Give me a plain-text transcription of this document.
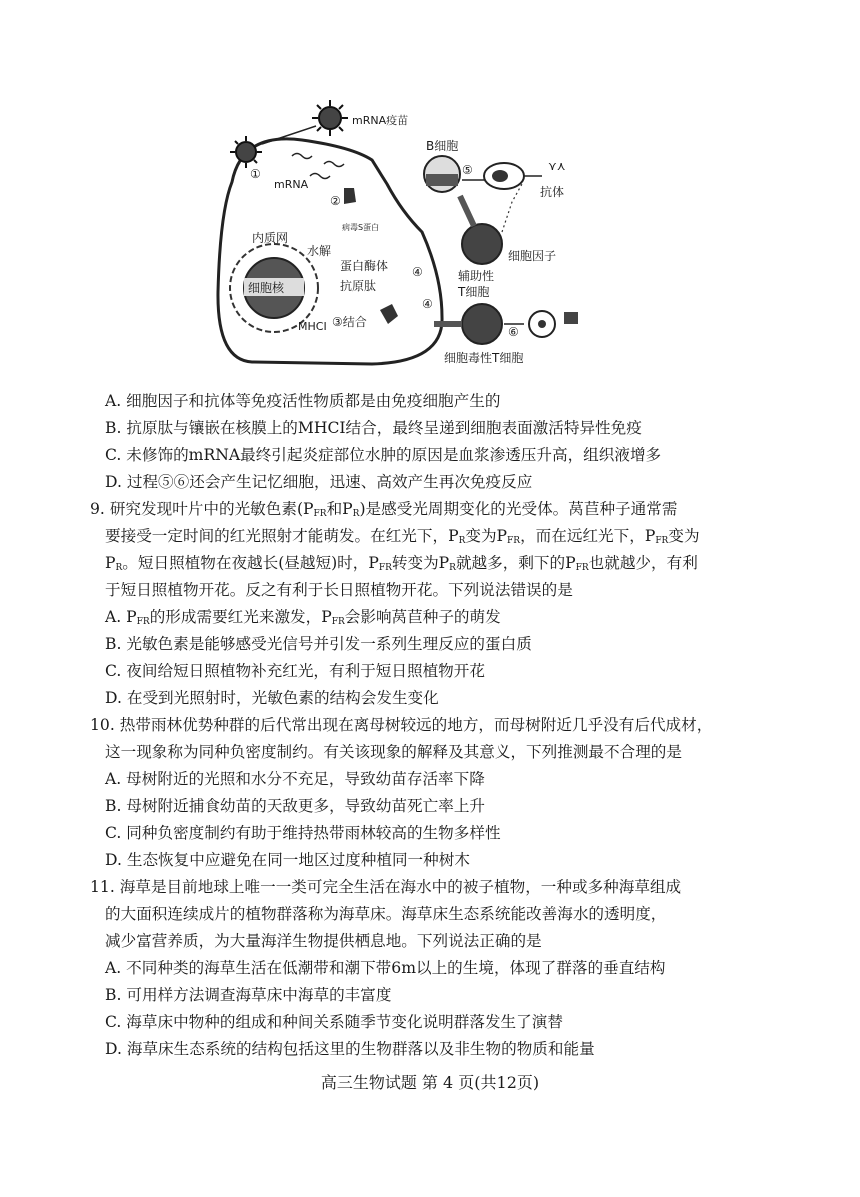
mRNA疫苗
①
mRNA
②
病毒S蛋白
细胞核
内质网
水解
蛋白酶体
抗原肽
MHCI ③结合
④
④
B细胞
⑤
抗体
⋎⋏
细胞因子
辅助性
T细胞
⑥
细胞毒性T细胞
A. 细胞因子和抗体等免疫活性物质都是由免疫细胞产生的
B. 抗原肽与镶嵌在核膜上的MHCI结合，最终呈递到细胞表面激活特异性免疫
C. 未修饰的mRNA最终引起炎症部位水肿的原因是血浆渗透压升高，组织液增多
D. 过程⑤⑥还会产生记忆细胞，迅速、高效产生再次免疫反应
9. 研究发现叶片中的光敏色素($P_{FR}$和$P_R$)是感受光周期变化的光受体。莴苣种子通常需
要接受一定时间的红光照射才能萌发。在红光下，$P_R$变为$P_{FR}$，而在远红光下，$P_{FR}$变为
$P_R$。短日照植物在夜越长(昼越短)时，$P_{FR}$转变为$P_R$就越多，剩下的$P_{FR}$也就越少，有利
于短日照植物开花。反之有利于长日照植物开花。下列说法错误的是
A. $P_{FR}$的形成需要红光来激发，$P_{FR}$会影响莴苣种子的萌发
B. 光敏色素是能够感受光信号并引发一系列生理反应的蛋白质
C. 夜间给短日照植物补充红光，有利于短日照植物开花
D. 在受到光照射时，光敏色素的结构会发生变化
10. 热带雨林优势种群的后代常出现在离母树较远的地方，而母树附近几乎没有后代成材，
这一现象称为同种负密度制约。有关该现象的解释及其意义，下列推测最不合理的是
A. 母树附近的光照和水分不充足，导致幼苗存活率下降
B. 母树附近捕食幼苗的天敌更多，导致幼苗死亡率上升
C. 同种负密度制约有助于维持热带雨林较高的生物多样性
D. 生态恢复中应避免在同一地区过度种植同一种树木
11. 海草是目前地球上唯一一类可完全生活在海水中的被子植物，一种或多种海草组成
的大面积连续成片的植物群落称为海草床。海草床生态系统能改善海水的透明度，
减少富营养质，为大量海洋生物提供栖息地。下列说法正确的是
A. 不同种类的海草生活在低潮带和潮下带6m以上的生境，体现了群落的垂直结构
B. 可用样方法调查海草床中海草的丰富度
C. 海草床中物种的组成和种间关系随季节变化说明群落发生了演替
D. 海草床生态系统的结构包括这里的生物群落以及非生物的物质和能量
高三生物试题 第 4 页(共12页)
